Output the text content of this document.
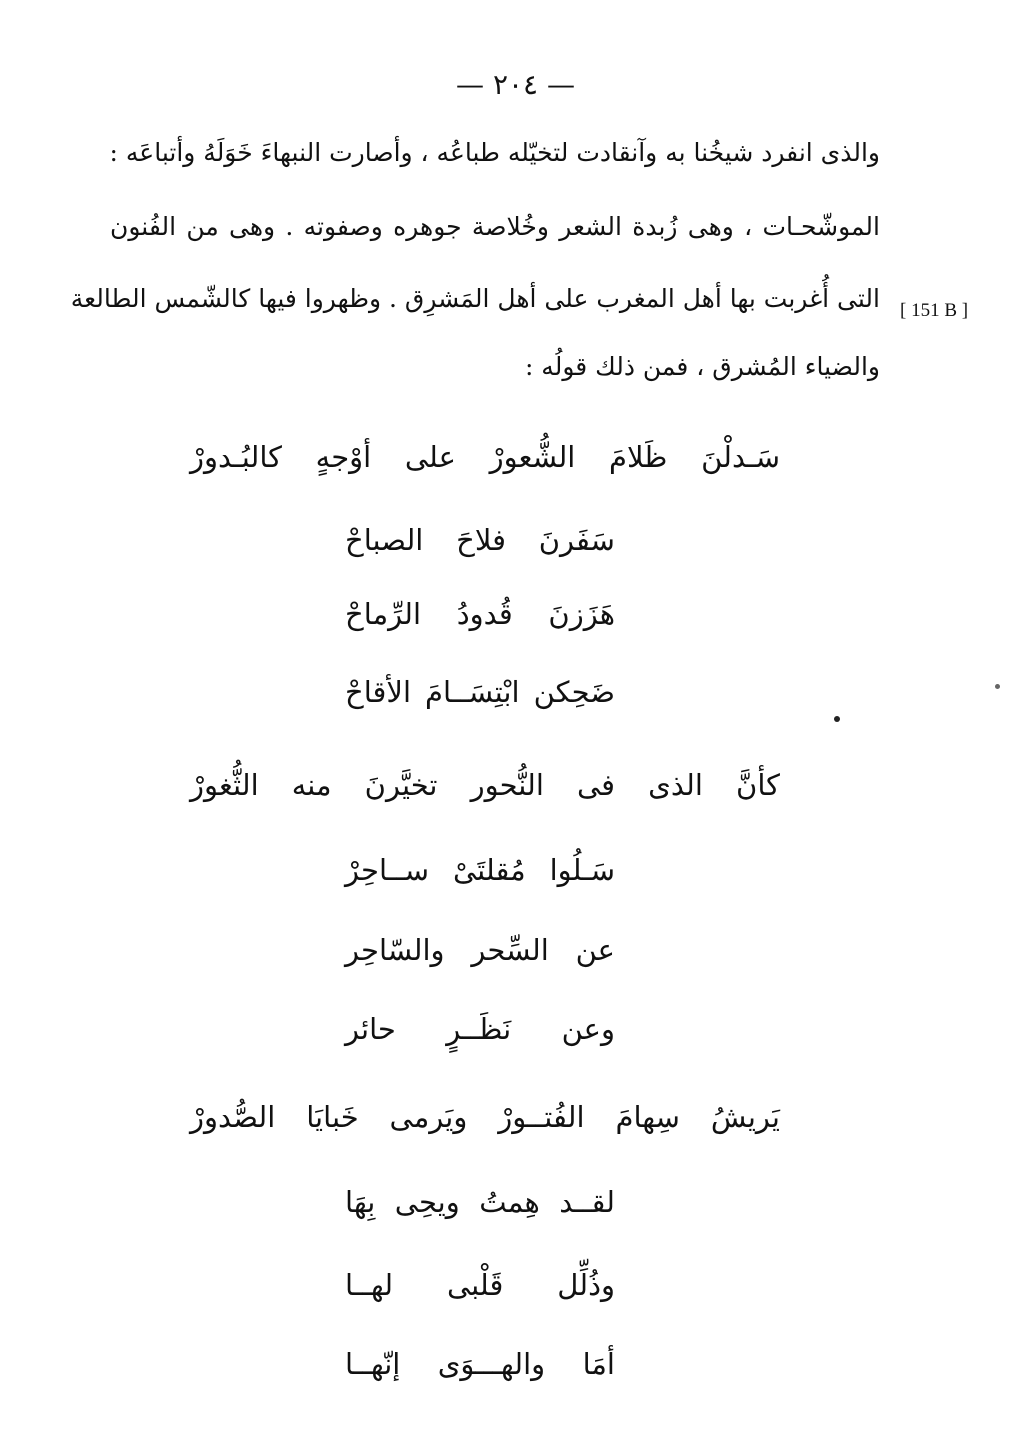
— ٢٠٤ —
والذى انفرد شيخُنا به وآنقادت لتخيّله طباعُه ، وأصارت النبهاءَ خَوَلَهُ وأتباعَه :
الموشّحـات ، وهى زُبدة الشعر وخُلاصة جوهره وصفوته . وهى من الفُنون
التى أُغربت بها أهل المغرب على أهل المَشرِق . وظهروا فيها كالشّمس الطالعة
والضياء المُشرق ، فمن ذلك قولُه :
[ 151 B ]
سَـدلْنَ
ظَلامَ
الشُّعورْ
على
أوْجهٍ
كالبُـدورْ
سَفَرنَ
فلاحَ
الصباحْ
هَزَزنَ
قُدودُ
الرِّماحْ
ضَحِكن
ابْتِسَــامَ
الأقاحْ
كأنَّ
الذى
فى
النُّحور
تخيَّرنَ
منه
الثُّغورْ
سَـلُوا
مُقلتَىْ
ســاحِرْ
عن
السِّحر
والسّاحِر
وعن
نَظَــرٍ
حائر
يَريشُ
سِهامَ
الفُتــورْ
ويَرمى
خَبايَا
الصُّدورْ
لقــد
هِمتُ
ويحِى
بِهَا
وذُلِّل
قَلْبى
لهــا
أمَا
والهـــوَى
إنّهــا
